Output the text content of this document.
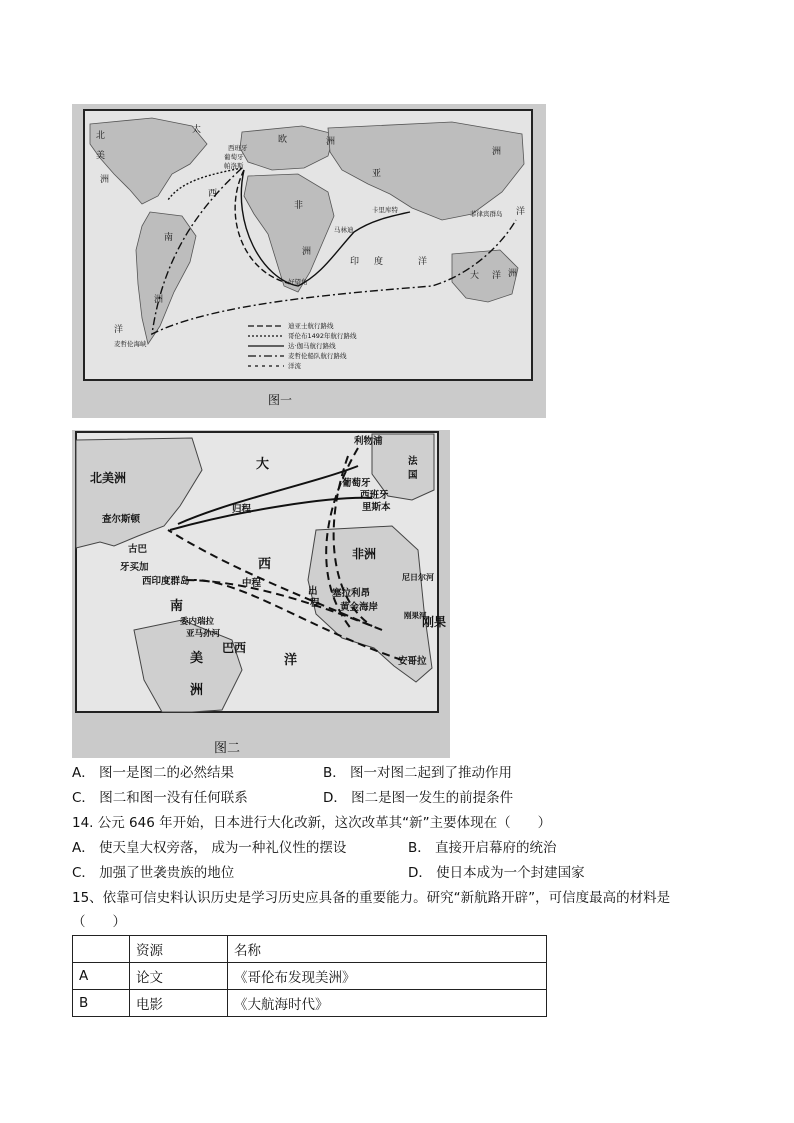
北
美
洲
太
欧	洲
亚
洲
西
非
洲
南
洲
印 度	洋
大 洋 洲
洋
洋
西班牙
葡萄牙
帕洛斯
卡里库特
马林迪
好望角
菲律宾群岛
麦哲伦海峡
迪亚士航行路线
哥伦布1492年航行路线
达·伽马航行路线
麦哲伦船队航行路线
洋流
图一
利物浦
大
北美洲
法
国
葡萄牙
西班牙
里斯本
查尔斯顿
归程
古巴
牙买加
西印度群岛
西
非洲
中程
出
程
塞拉利昂
黄金海岸
尼日尔河
南
委内瑞拉
亚马孙河
美
巴西
洋
洲
刚果
刚果河
安哥拉
图二
A． 图一是图二的必然结果	B． 图一对图二起到了推动作用
C． 图二和图一没有任何联系	D． 图二是图一发生的前提条件
14. 公元 646 年开始，日本进行大化改新，这次改革其“新”主要体现在（　　）
A． 使天皇大权旁落， 成为一种礼仪性的摆设	B． 直接开启幕府的统治
C． 加强了世袭贵族的地位	D． 使日本成为一个封建国家
15、依靠可信史料认识历史是学习历史应具备的重要能力。研究“新航路开辟”，可信度最高的材料是
（　　）
	资源	名称
A	论文	《哥伦布发现美洲》
B	电影	《大航海时代》
